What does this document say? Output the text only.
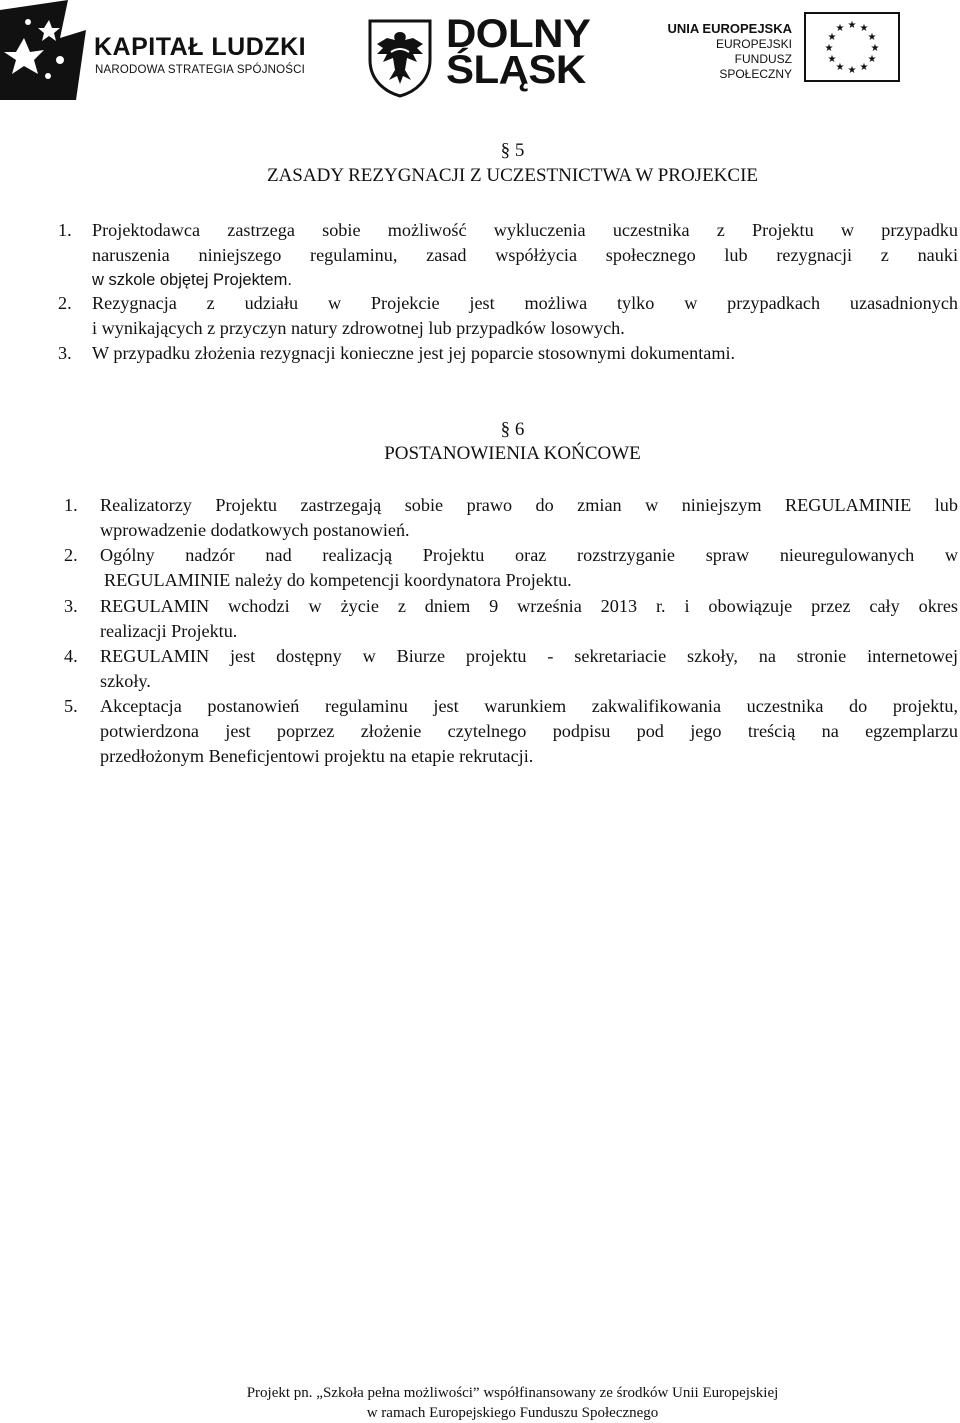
KAPITAŁ LUDZKI
NARODOWA STRATEGIA SPÓJNOŚCI
DOLNY
ŚLĄSK
UNIA EUROPEJSKA
EUROPEJSKI
FUNDUSZ SPOŁECZNY
★ ★
★
★
★
★
★
★
★
★
★
★
§ 5
ZASADY REZYGNACJI Z UCZESTNICTWA W PROJEKCIE
1. Projektodawca zastrzega sobie możliwość wykluczenia uczestnika z Projektu w przypadku
naruszenia niniejszego regulaminu, zasad współżycia społecznego lub rezygnacji z nauki
w szkole objętej Projektem.
2. Rezygnacja z udziału w Projekcie jest możliwa tylko w przypadkach uzasadnionych
i wynikających z przyczyn natury zdrowotnej lub przypadków losowych.
3. W przypadku złożenia rezygnacji konieczne jest jej poparcie stosownymi dokumentami.
§ 6
POSTANOWIENIA KOŃCOWE
1. Realizatorzy Projektu zastrzegają sobie prawo do zmian w niniejszym REGULAMINIE lub
wprowadzenie dodatkowych postanowień.
2. Ogólny nadzór nad realizacją Projektu oraz rozstrzyganie spraw nieuregulowanych w
REGULAMINIE należy do kompetencji koordynatora Projektu.
3. REGULAMIN wchodzi w życie z dniem 9 września 2013 r. i obowiązuje przez cały okres
realizacji Projektu.
4. REGULAMIN jest dostępny w Biurze projektu - sekretariacie szkoły, na stronie internetowej
szkoły.
5. Akceptacja postanowień regulaminu jest warunkiem zakwalifikowania uczestnika do projektu,
potwierdzona jest poprzez złożenie czytelnego podpisu pod jego treścią na egzemplarzu
przedłożonym Beneficjentowi projektu na etapie rekrutacji.
Projekt pn. „Szkoła pełna możliwości” współfinansowany ze środków Unii Europejskiej
w ramach Europejskiego Funduszu Społecznego
